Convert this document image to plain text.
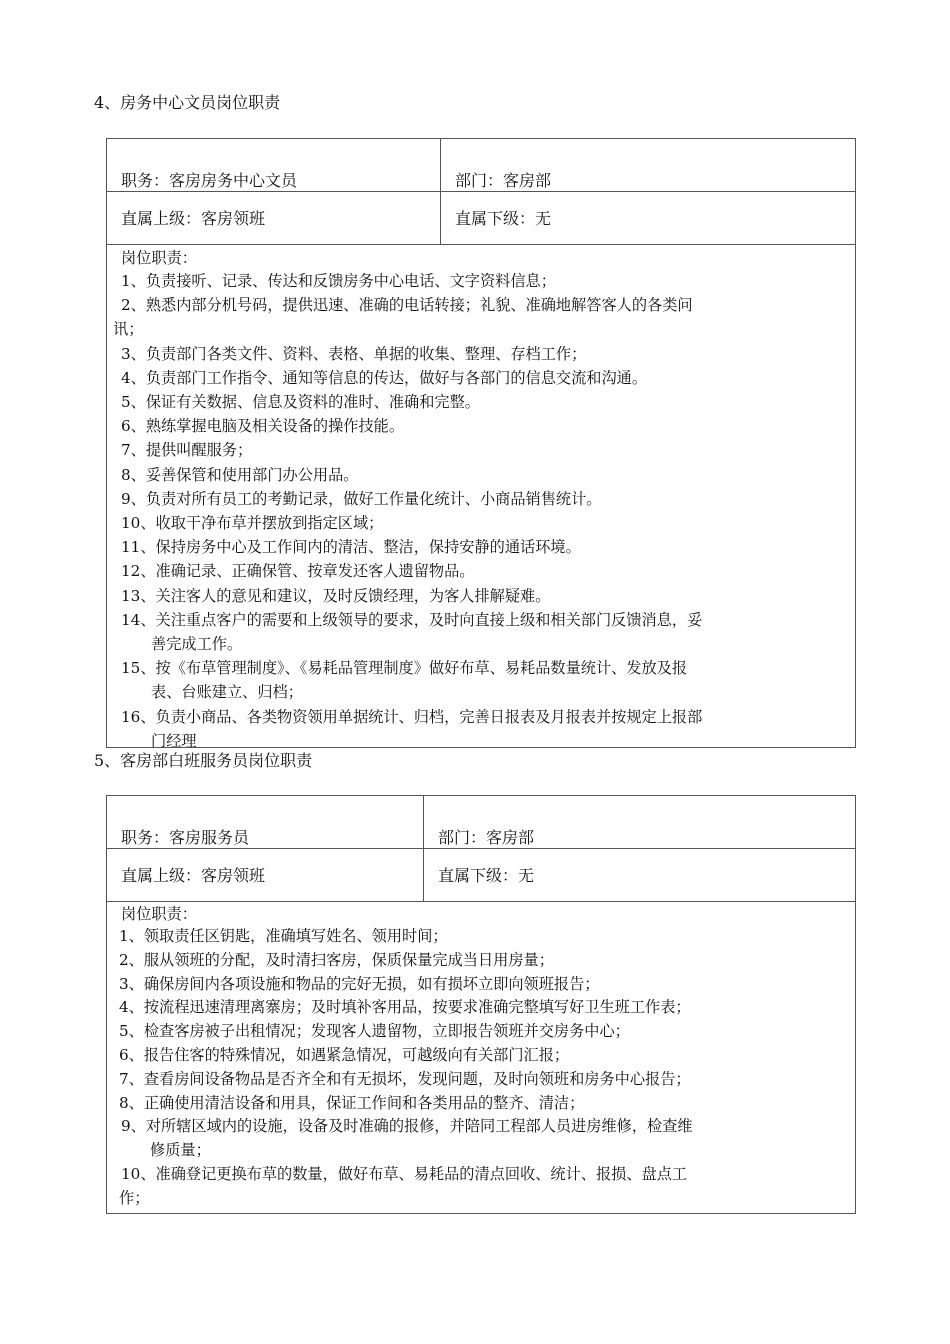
4、房务中心文员岗位职责
职务：客房房务中心文员	部门：客房部
直属上级：客房领班	直属下级：无
岗位职责：
1、负责接听、记录、传达和反馈房务中心电话、文字资料信息；
2、熟悉内部分机号码，提供迅速、准确的电话转接；礼貌、准确地解答客人的各类问
讯；
3、负责部门各类文件、资料、表格、单据的收集、整理、存档工作；
4、负责部门工作指令、通知等信息的传达，做好与各部门的信息交流和沟通。
5、保证有关数据、信息及资料的准时、准确和完整。
6、熟练掌握电脑及相关设备的操作技能。
7、提供叫醒服务；
8、妥善保管和使用部门办公用品。
9、负责对所有员工的考勤记录，做好工作量化统计、小商品销售统计。
10、收取干净布草并摆放到指定区域；
11、保持房务中心及工作间内的清洁、整洁，保持安静的通话环境。
12、准确记录、正确保管、按章发还客人遗留物品。
13、关注客人的意见和建议，及时反馈经理，为客人排解疑难。
14、关注重点客户的需要和上级领导的要求，及时向直接上级和相关部门反馈消息，妥
善完成工作。
15、按《布草管理制度》、《易耗品管理制度》做好布草、易耗品数量统计、发放及报
表、台账建立、归档；
16、负责小商品、各类物资领用单据统计、归档，完善日报表及月报表并按规定上报部
门经理
5、客房部白班服务员岗位职责
职务：客房服务员	部门：客房部
直属上级：客房领班	直属下级：无
岗位职责：
1、领取责任区钥匙，准确填写姓名、领用时间；
2、服从领班的分配，及时清扫客房，保质保量完成当日用房量；
3、确保房间内各项设施和物品的完好无损，如有损坏立即向领班报告；
4、按流程迅速清理离寨房；及时填补客用品，按要求准确完整填写好卫生班工作表；
5、检查客房被子出租情况；发现客人遗留物，立即报告领班并交房务中心；
6、报告住客的特殊情况，如遇紧急情况，可越级向有关部门汇报；
7、查看房间设备物品是否齐全和有无损坏，发现问题，及时向领班和房务中心报告；
8、正确使用清洁设备和用具，保证工作间和各类用品的整齐、清洁；
9、对所辖区域内的设施，设备及时准确的报修，并陪同工程部人员进房维修，检查维
修质量；
10、准确登记更换布草的数量，做好布草、易耗品的清点回收、统计、报损、盘点工
作；
